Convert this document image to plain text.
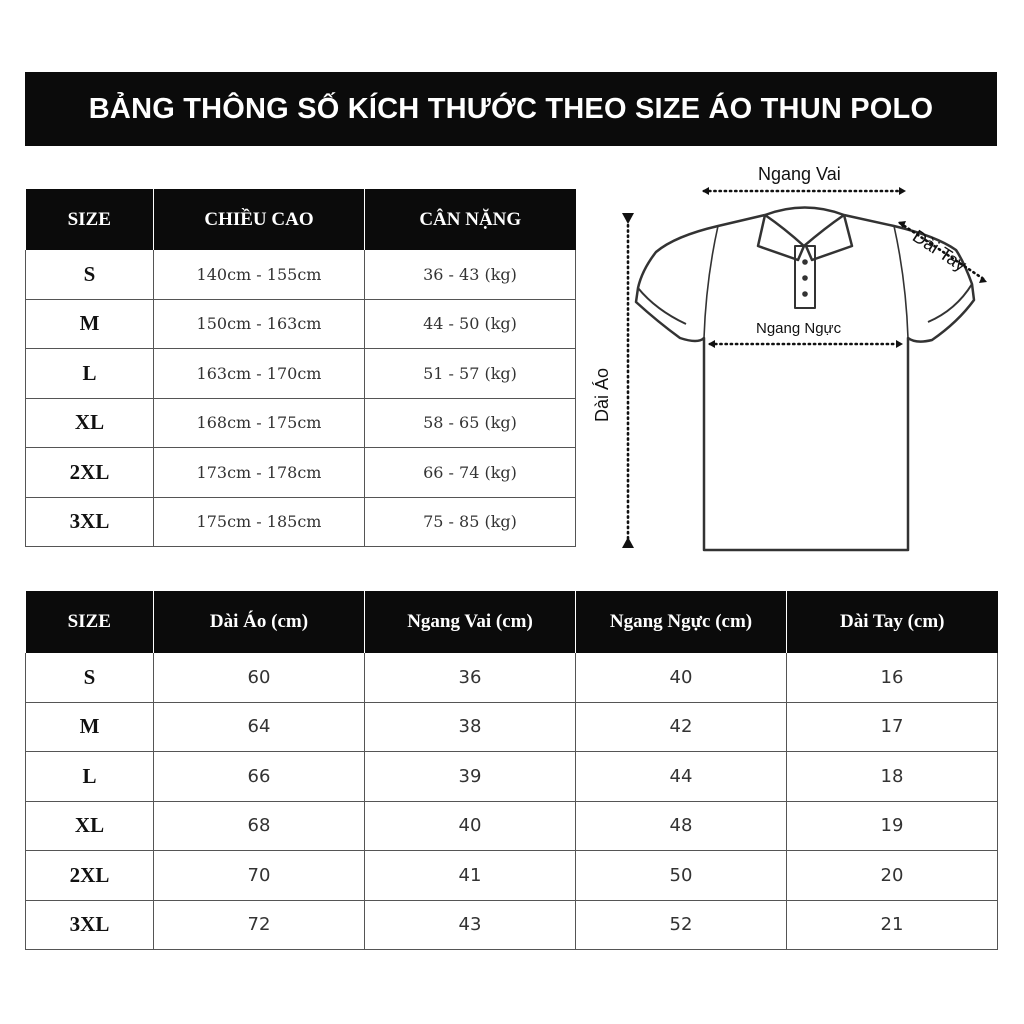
BẢNG THÔNG SỐ KÍCH THƯỚC THEO SIZE ÁO THUN POLO
SIZE	CHIỀU CAO	CÂN NẶNG
S	140cm - 155cm	36 - 43 (kg)
M	150cm - 163cm	44 - 50 (kg)
L	163cm - 170cm	51 - 57 (kg)
XL	168cm - 175cm	58 - 65 (kg)
2XL	173cm - 178cm	66 - 74 (kg)
3XL	175cm - 185cm	75 - 85 (kg)
Ngang Vai
Ngang Ngực
Dài Tay
Dài Áo
SIZE	Dài Áo (cm)	Ngang Vai (cm)	Ngang Ngực (cm)	Dài Tay (cm)
S	60	36	40	16
M	64	38	42	17
L	66	39	44	18
XL	68	40	48	19
2XL	70	41	50	20
3XL	72	43	52	21
